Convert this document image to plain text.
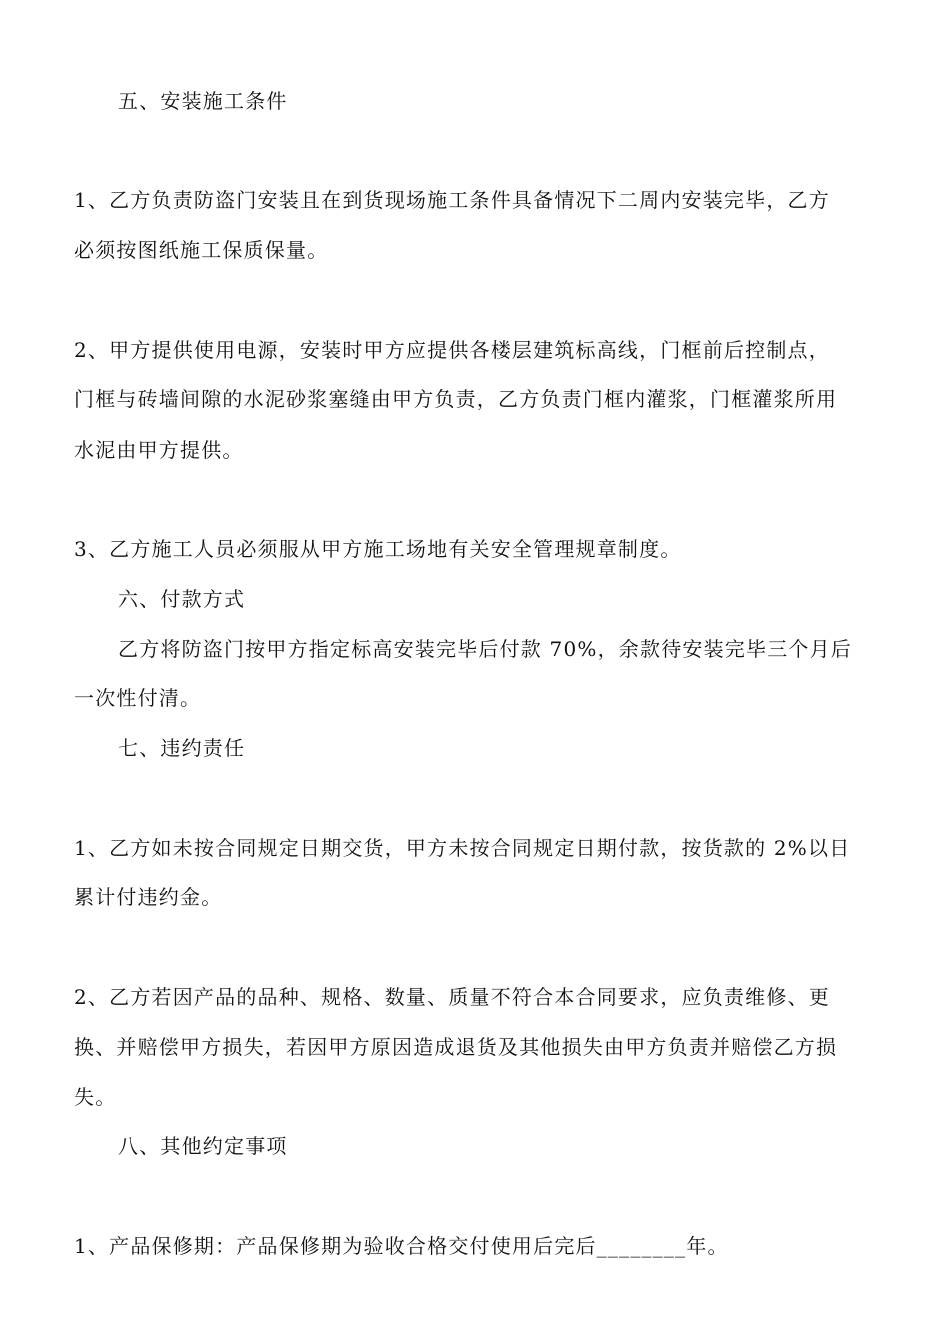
五、安装施工条件
1、乙方负责防盗门安装且在到货现场施工条件具备情况下二周内安装完毕，乙方
必须按图纸施工保质保量。
2、甲方提供使用电源，安装时甲方应提供各楼层建筑标高线，门框前后控制点，
门框与砖墙间隙的水泥砂浆塞缝由甲方负责，乙方负责门框内灌浆，门框灌浆所用
水泥由甲方提供。
3、乙方施工人员必须服从甲方施工场地有关安全管理规章制度。
六、付款方式
乙方将防盗门按甲方指定标高安装完毕后付款 70%，余款待安装完毕三个月后
一次性付清。
七、违约责任
1、乙方如未按合同规定日期交货，甲方未按合同规定日期付款，按货款的 2%以日
累计付违约金。
2、乙方若因产品的品种、规格、数量、质量不符合本合同要求，应负责维修、更
换、并赔偿甲方损失，若因甲方原因造成退货及其他损失由甲方负责并赔偿乙方损
失。
八、其他约定事项
1、产品保修期：产品保修期为验收合格交付使用后完后________年。
